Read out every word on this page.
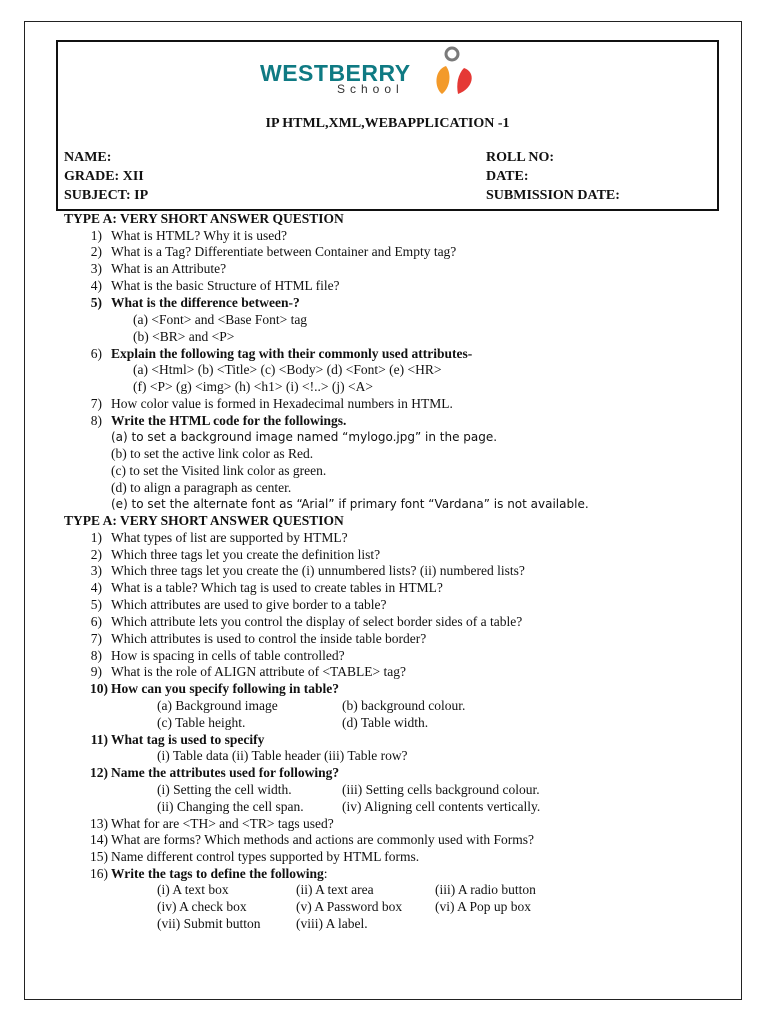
WESTBERRY
School
IP HTML,XML,WEBAPPLICATION -1
NAME:
GRADE: XII
SUBJECT: IP
ROLL NO:
DATE:
SUBMISSION DATE:
TYPE A: VERY SHORT ANSWER QUESTION
1) What is HTML? Why it is used?
2) What is a Tag? Differentiate between Container and Empty tag?
3) What is an Attribute?
4) What is the basic Structure of HTML file?
5) What is the difference between-?
(a) <Font> and <Base Font> tag
(b) <BR> and <P>
6) Explain the following tag with their commonly used attributes-
(a) <Html> (b) <Title> (c) <Body> (d) <Font> (e) <HR>
(f) <P> (g) <img> (h) <h1> (i) <!..> (j) <A>
7) How color value is formed in Hexadecimal numbers in HTML.
8) Write the HTML code for the followings.
(a) to set a background image named “mylogo.jpg” in the page.
(b) to set the active link color as Red.
(c) to set the Visited link color as green.
(d) to align a paragraph as center.
(e) to set the alternate font as “Arial” if primary font “Vardana” is not available.
TYPE A: VERY SHORT ANSWER QUESTION
1) What types of list are supported by HTML?
2) Which three tags let you create the definition list?
3) Which three tags let you create the (i) unnumbered lists? (ii) numbered lists?
4) What is a table? Which tag is used to create tables in HTML?
5) Which attributes are used to give border to a table?
6) Which attribute lets you control the display of select border sides of a table?
7) Which attributes is used to control the inside table border?
8) How is spacing in cells of table controlled?
9) What is the role of ALIGN attribute of <TABLE> tag?
10) How can you specify following in table?
(a) Background image	(b) background colour.
(c) Table height.	(d) Table width.
11) What tag is used to specify
(i) Table data (ii) Table header (iii) Table row?
12) Name the attributes used for following?
(i) Setting the cell width.	(iii) Setting cells background colour.
(ii) Changing the cell span.	(iv) Aligning cell contents vertically.
13) What for are <TH> and <TR> tags used?
14) What are forms? Which methods and actions are commonly used with Forms?
15) Name different control types supported by HTML forms.
16) Write the tags to define the following:
(i) A text box	(ii) A text area	(iii) A radio button
(iv) A check box	(v) A Password box (vi) A Pop up box
(vii) Submit button	(viii) A label.
